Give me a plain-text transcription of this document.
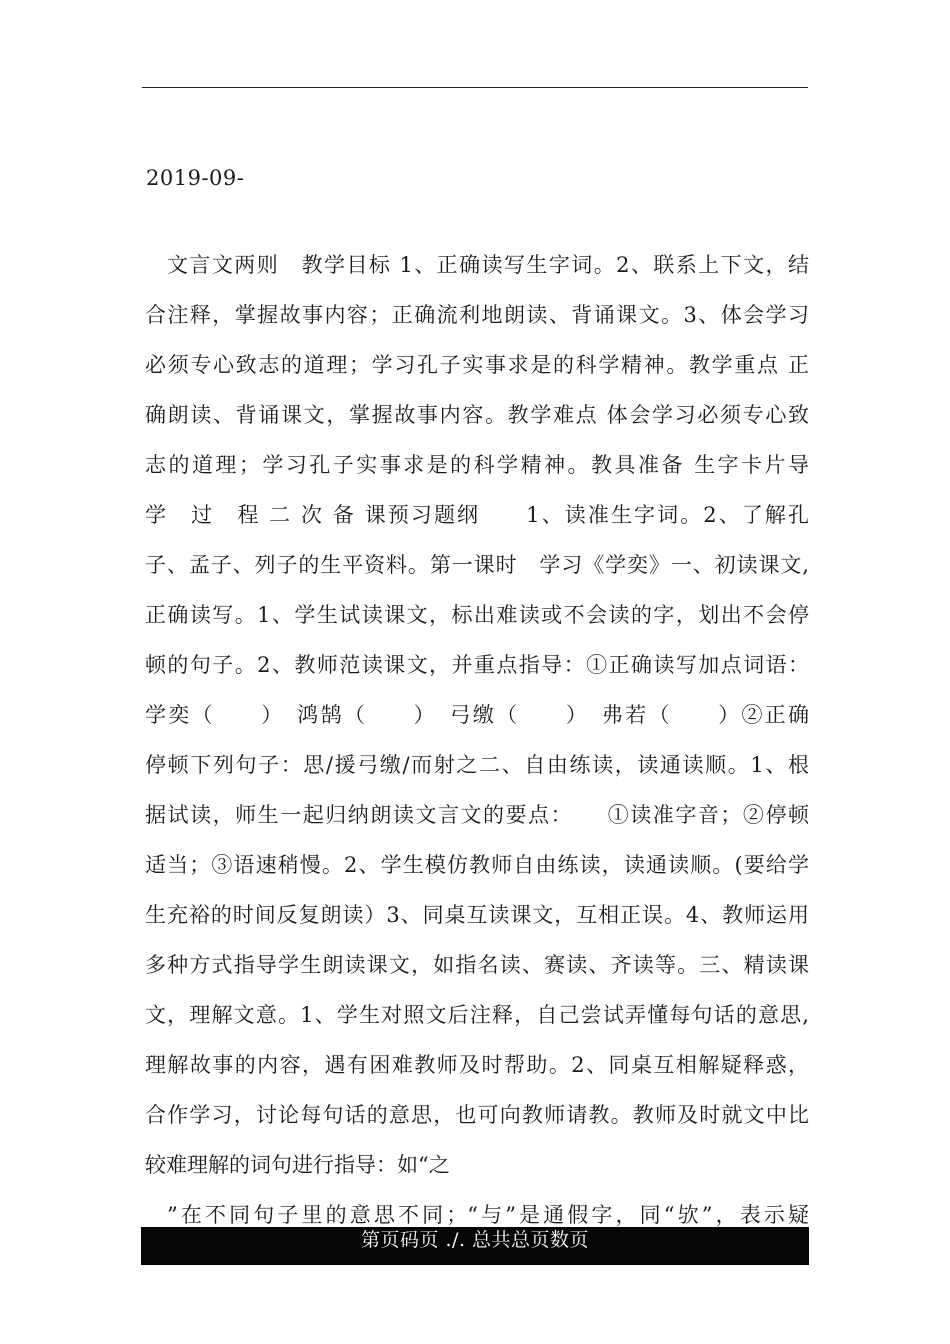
2019-09-
文言文两则　教学目标 1、正确读写生字词。2、联系上下文，结
合注释，掌握故事内容；正确流利地朗读、背诵课文。3、体会学习
必须专心致志的道理；学习孔子实事求是的科学精神。教学重点 正
确朗读、背诵课文，掌握故事内容。教学难点 体会学习必须专心致
志的道理；学习孔子实事求是的科学精神。教具准备 生字卡片导
学　过　程 二 次 备 课预习题纲　　1、读准生字词。2、了解孔
子、孟子、列子的生平资料。第一课时　学习《学奕》一、初读课文,
正确读写。1、学生试读课文，标出难读或不会读的字，划出不会停
顿的句子。2、教师范读课文，并重点指导：①正确读写加点词语：
学奕（　　）　鸿鹄（　　）　弓缴（　　）　弗若（　　）②正确
停顿下列句子：思/援弓缴/而射之二、自由练读，读通读顺。1、根
据试读，师生一起归纳朗读文言文的要点：　　①读准字音；②停顿
适当；③语速稍慢。2、学生模仿教师自由练读，读通读顺。(要给学
生充裕的时间反复朗读）3、同桌互读课文，互相正误。4、教师运用
多种方式指导学生朗读课文，如指名读、赛读、齐读等。三、精读课
文，理解文意。1、学生对照文后注释，自己尝试弄懂每句话的意思,
理解故事的内容，遇有困难教师及时帮助。2、同桌互相解疑释惑，
合作学习，讨论每句话的意思，也可向教师请教。教师及时就文中比
较难理解的词句进行指导：如“之
”在不同句子里的意思不同；“与”是通假字，同“欤”，表示疑
第页码页 ./. 总共总页数页
